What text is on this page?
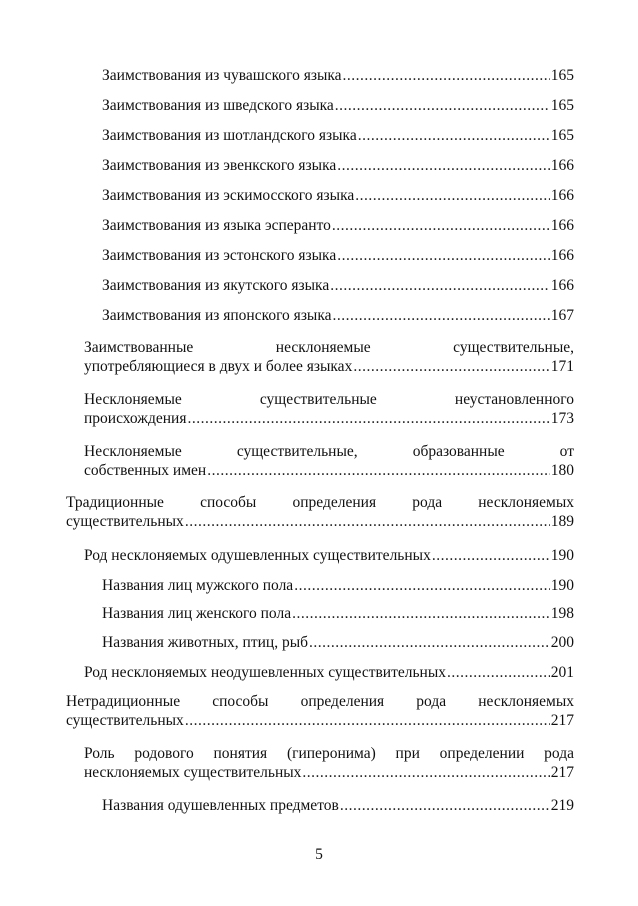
Заимствования из чувашского языка .....	165
Заимствования из шведского языка .....	165
Заимствования из шотландского языка .....	165
Заимствования из эвенкского языка .....	166
Заимствования из эскимосского языка .....	166
Заимствования из языка эсперанто .....	166
Заимствования из эстонского языка .....	166
Заимствования из якутского языка .....	166
Заимствования из японского языка .....	167
Заимствованные несклоняемые существительные,
употребляющиеся в двух и более языках .....	171
Несклоняемые существительные неустановленного
происхождения .....	173
Несклоняемые существительные, образованные от
собственных имен .....	180
Традиционные способы определения рода несклоняемых
существительных .....	189
Род несклоняемых одушевленных существительных .....	190
Названия лиц мужского пола .....	190
Названия лиц женского пола .....	198
Названия животных, птиц, рыб .....	200
Род несклоняемых неодушевленных существительных .....	201
Нетрадиционные способы определения рода несклоняемых
существительных .....	217
Роль родового понятия (гиперонима) при определении рода
несклоняемых существительных .....	217
Названия одушевленных предметов .....	219
5
